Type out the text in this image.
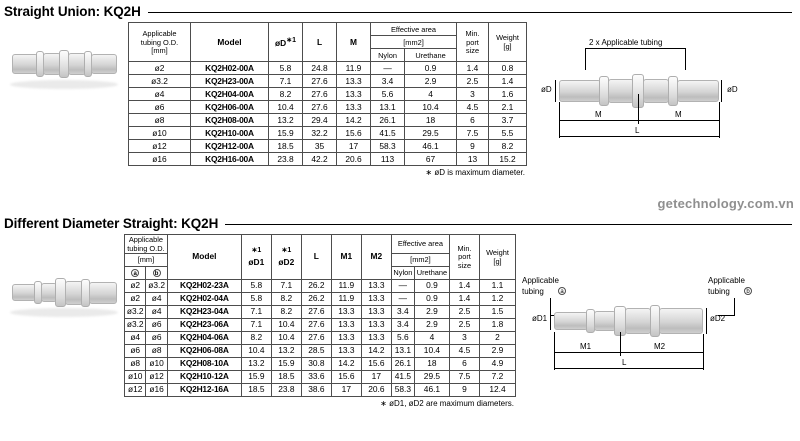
getechnology.com.vn
Straight Union: KQ2H
Applicable
tubing O.D.
[mm]	Model	$øD^{∗1}$	L	M	Effective area		Min.
port
size	Weight
[g]
					[mm2]			
					Nylon	Urethane		
ø2	KQ2H02-00A	5.8	24.8	11.9	—	0.9	1.4	0.8
ø3.2	KQ2H23-00A	7.1	27.6	13.3	3.4	2.9	2.5	1.4
ø4	KQ2H04-00A	8.2	27.6	13.3	5.6	4	3	1.6
ø6	KQ2H06-00A	10.4	27.6	13.3	13.1	10.4	4.5	2.1
ø8	KQ2H08-00A	13.2	29.4	14.2	26.1	18	6	3.7
ø10	KQ2H10-00A	15.9	32.2	15.6	41.5	29.5	7.5	5.5
ø12	KQ2H12-00A	18.5	35	17	58.3	46.1	9	8.2
ø16	KQ2H16-00A	23.8	42.2	20.6	113	67	13	15.2
∗ øD is maximum diameter.
2 x Applicable tubing
øD	øD
M	M
L
Different Diameter Straight: KQ2H
Applicable tubing O.D.		Model	$^{∗1}$
øD1	$^{∗1}$
øD2	L	M1	M2	Effective area		Min.
port
size	Weight
[g]
[mm]								[mm2]			
a	b							Nylon	Urethane		

ø2	ø3.2	KQ2H02-23A	5.8	7.1	26.2	11.9	13.3	—	0.9	1.4	1.1
ø2	ø4	KQ2H02-04A	5.8	8.2	26.2	11.9	13.3	—	0.9	1.4	1.2
ø3.2	ø4	KQ2H23-04A	7.1	8.2	27.6	13.3	13.3	3.4	2.9	2.5	1.5
ø3.2	ø6	KQ2H23-06A	7.1	10.4	27.6	13.3	13.3	3.4	2.9	2.5	1.8
ø4	ø6	KQ2H04-06A	8.2	10.4	27.6	13.3	13.3	5.6	4	3	2
ø6	ø8	KQ2H06-08A	10.4	13.2	28.5	13.3	14.2	13.1	10.4	4.5	2.9
ø8	ø10	KQ2H08-10A	13.2	15.9	30.8	14.2	15.6	26.1	18	6	4.9
ø10	ø12	KQ2H10-12A	15.9	18.5	33.6	15.6	17	41.5	29.5	7.5	7.2
ø12	ø16	KQ2H12-16A	18.5	23.8	38.6	17	20.6	58.3	46.1	9	12.4
∗ øD1, øD2 are maximum diameters.
Applicable
tubing	a
Applicable
tubing	b
øD1	øD2
M1	M2
L
